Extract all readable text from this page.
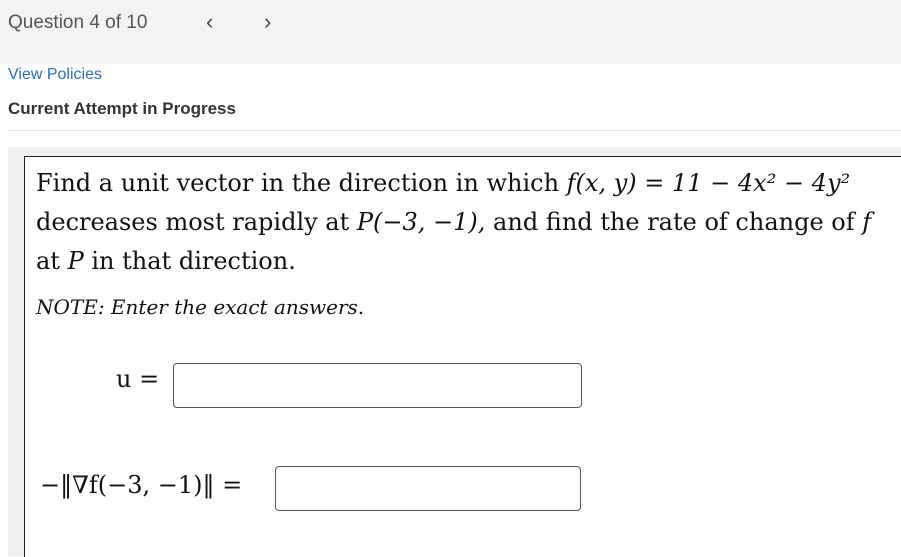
Question 4 of 10	‹ ›
View Policies
Current Attempt in Progress
Find a unit vector in the direction in which f(x, y) = 11 − 4x² − 4y² decreases most rapidly at P(−3, −1), and find the rate of change of f at P in that direction.
NOTE: Enter the exact answers.
u =
−‖∇f(−3, −1)‖ =
